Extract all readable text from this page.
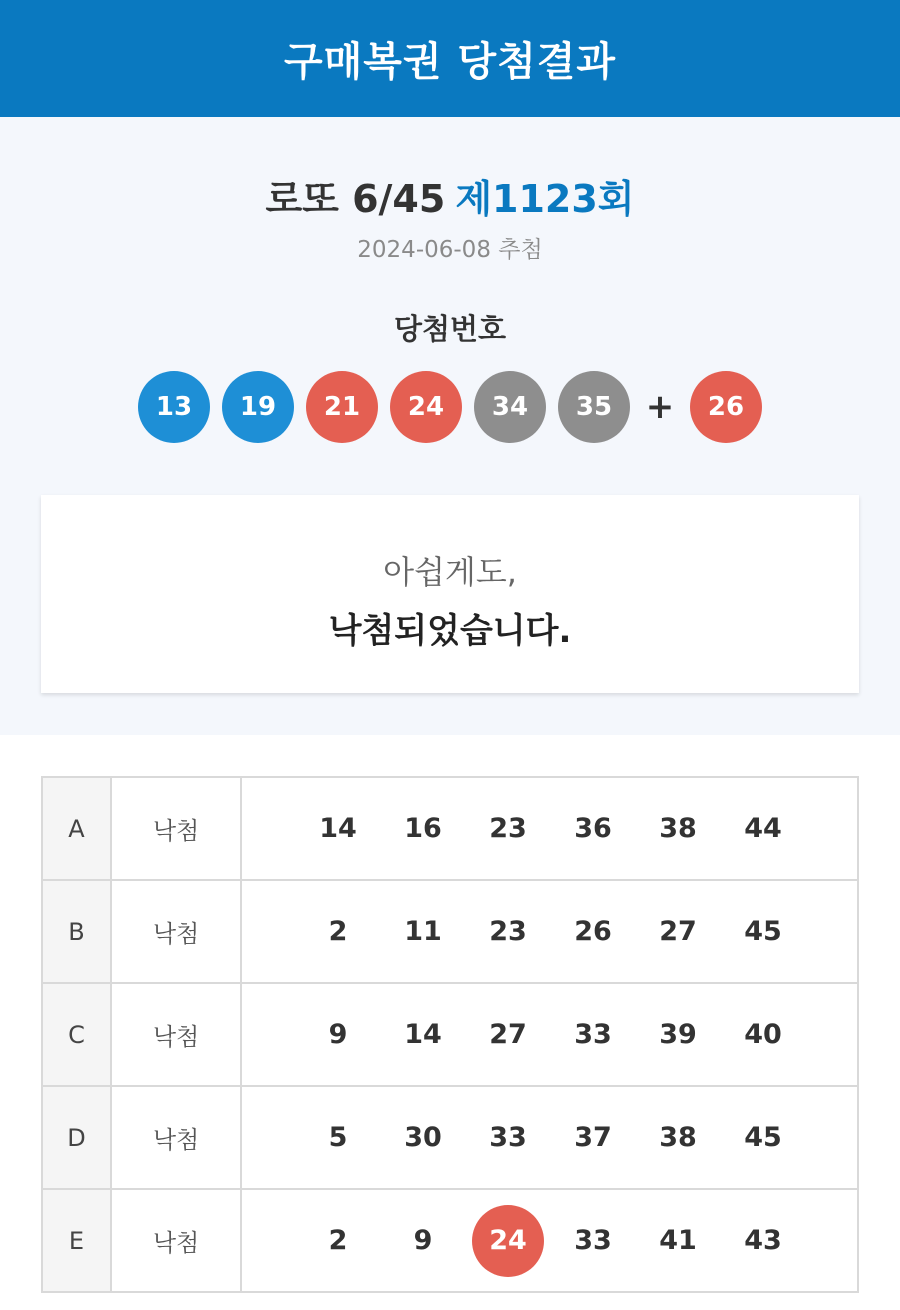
구매복권 당첨결과
로또 6/45 제1123회
2024-06-08 추첨
당첨번호
13	19	21	24	34	35 +	26
아쉽게도,
낙첨되었습니다.
A	낙첨	14	16	23	36	38	44
B	낙첨	2	11	23	26	27	45
C	낙첨	9	14	27	33	39	40
D	낙첨	5	30	33	37	38	45
E	낙첨	2	9	24	33	41	43
